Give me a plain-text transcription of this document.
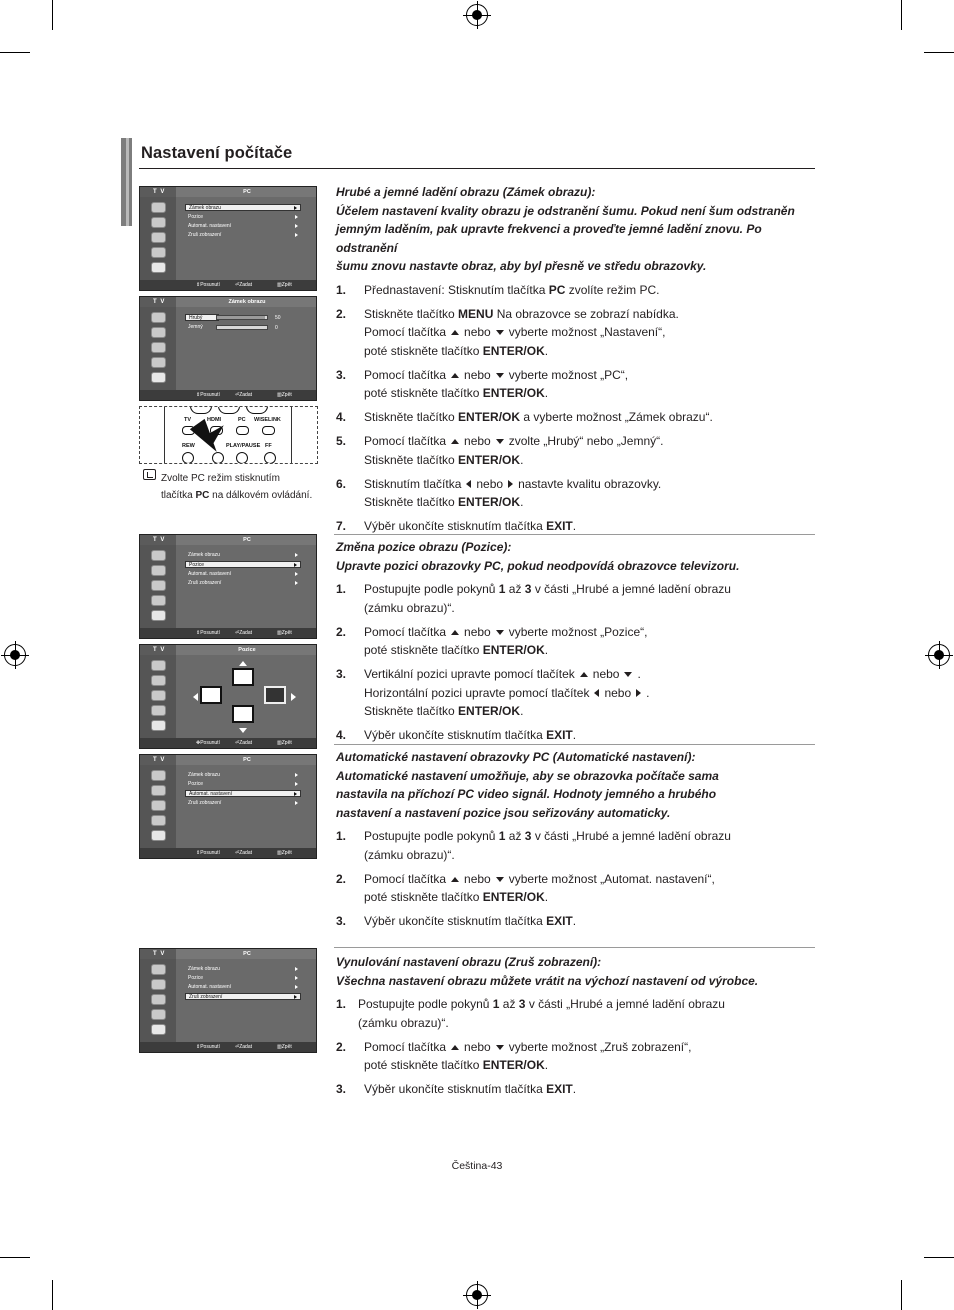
Nastavení počítače
T V	PC
Zámek obrazu
Pozice
Automat. nastavení
Zruš zobrazení
⇕ Posunutí	⏎ Zadat	▥ Zpět
T V	Zámek obrazu
Hrubý	50
Jemný	0
⇕ Posunutí	⏎ Zadat	▥ Zpět
TV	HDMI	PC WISELINK
REW	PLAY/PAUSE FF
Zvolte PC režim stisknutím
tlačítka PC na dálkovém ovládání.
Hrubé a jemné ladění obrazu (Zámek obrazu):
Účelem nastavení kvality obrazu je odstranění šumu. Pokud není šum odstraněn
jemným laděním, pak upravte frekvenci a proveďte jemné ladění znovu. Po odstranění
šumu znovu nastavte obraz, aby byl přesně ve středu obrazovky.
1. Přednastavení: Stisknutím tlačítka PC zvolíte režim PC.
2. Stiskněte tlačítko MENU Na obrazovce se zobrazí nabídka.
Pomocí tlačítka nebo vyberte možnost „Nastavení“,
poté stiskněte tlačítko ENTER/OK.
3. Pomocí tlačítka nebo vyberte možnost „PC“,
poté stiskněte tlačítko ENTER/OK.
4. Stiskněte tlačítko ENTER/OK a vyberte možnost „Zámek obrazu“.
5. Pomocí tlačítka nebo zvolte „Hrubý“ nebo „Jemný“.
Stiskněte tlačítko ENTER/OK.
6. Stisknutím tlačítka nebo nastavte kvalitu obrazovky.
Stiskněte tlačítko ENTER/OK.
7. Výběr ukončíte stisknutím tlačítka EXIT.
Změna pozice obrazu (Pozice):
Upravte pozici obrazovky PC, pokud neodpovídá obrazovce televizoru.
1. Postupujte podle pokynů 1 až 3 v části „Hrubé a jemné ladění obrazu
(zámku obrazu)“.
2. Pomocí tlačítka nebo vyberte možnost „Pozice“,
poté stiskněte tlačítko ENTER/OK.
3. Vertikální pozici upravte pomocí tlačítek nebo .
Horizontální pozici upravte pomocí tlačítek nebo .
Stiskněte tlačítko ENTER/OK.
4. Výběr ukončíte stisknutím tlačítka EXIT.
T V	PC
Zámek obrazu
Pozice
Automat. nastavení
Zruš zobrazení
⇕ Posunutí	⏎ Zadat	▥ Zpět
T V	Pozice
✥ Posunutí	⏎ Zadat	▥ Zpět
T V	PC
Zámek obrazu
Pozice
Automat. nastavení
Zruš zobrazení
⇕ Posunutí	⏎ Zadat	▥ Zpět
Automatické nastavení obrazovky PC (Automatické nastavení):
Automatické nastavení umožňuje, aby se obrazovka počítače sama
nastavila na příchozí PC video signál. Hodnoty jemného a hrubého
nastavení a nastavení pozice jsou seřizovány automaticky.
1. Postupujte podle pokynů 1 až 3 v části „Hrubé a jemné ladění obrazu
(zámku obrazu)“.
2. Pomocí tlačítka nebo vyberte možnost „Automat. nastavení“,
poté stiskněte tlačítko ENTER/OK.
3. Výběr ukončíte stisknutím tlačítka EXIT.
Vynulování nastavení obrazu (Zruš zobrazení):
Všechna nastavení obrazu můžete vrátit na výchozí nastavení od výrobce.
1. Postupujte podle pokynů 1 až 3 v části „Hrubé a jemné ladění obrazu
(zámku obrazu)“.
2. Pomocí tlačítka nebo vyberte možnost „Zruš zobrazení“,
poté stiskněte tlačítko ENTER/OK.
3. Výběr ukončíte stisknutím tlačítka EXIT.
T V	PC
Zámek obrazu
Pozice
Automat. nastavení
Zruš zobrazení
⇕ Posunutí	⏎ Zadat	▥ Zpět
Čeština-43
